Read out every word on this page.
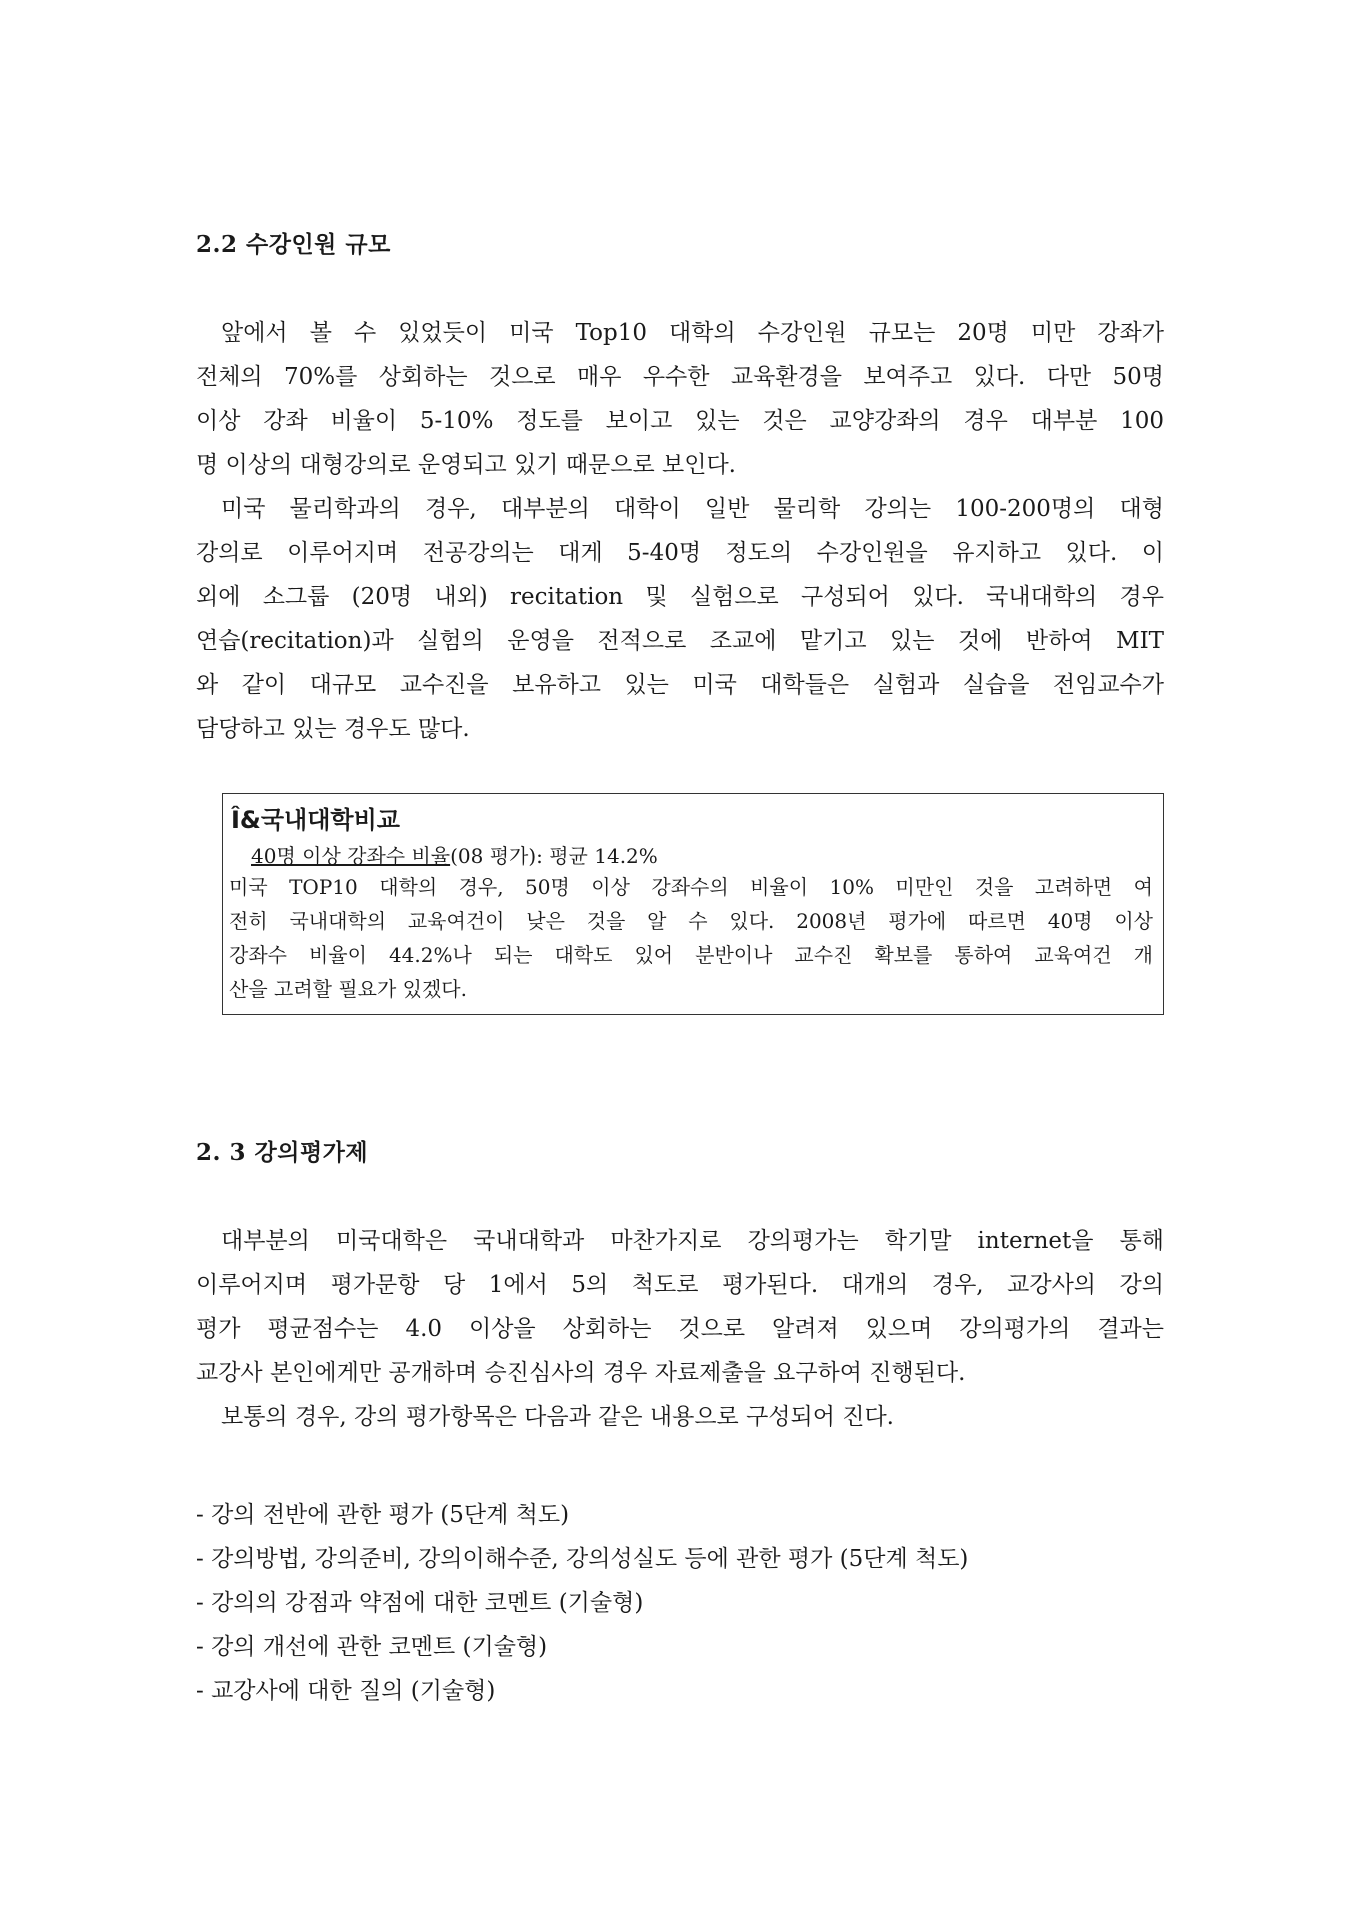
2.2 수강인원 규모
앞에서 볼 수 있었듯이 미국 Top10 대학의 수강인원 규모는 20명 미만 강좌가
전체의 70%를 상회하는 것으로 매우 우수한 교육환경을 보여주고 있다. 다만 50명
이상 강좌 비율이 5-10% 정도를 보이고 있는 것은 교양강좌의 경우 대부분 100
명 이상의 대형강의로 운영되고 있기 때문으로 보인다.
미국 물리학과의 경우, 대부분의 대학이 일반 물리학 강의는 100-200명의 대형
강의로 이루어지며 전공강의는 대게 5-40명 정도의 수강인원을 유지하고 있다. 이
외에 소그룹 (20명 내외) recitation 및 실험으로 구성되어 있다. 국내대학의 경우
연습(recitation)과 실험의 운영을 전적으로 조교에 맡기고 있는 것에 반하여 MIT
와 같이 대규모 교수진을 보유하고 있는 미국 대학들은 실험과 실습을 전임교수가
담당하고 있는 경우도 많다.
Î&국내대학비교
40명 이상 강좌수 비율(08 평가): 평균 14.2%
미국 TOP10 대학의 경우, 50명 이상 강좌수의 비율이 10% 미만인 것을 고려하면 여
전히 국내대학의 교육여건이 낮은 것을 알 수 있다. 2008년 평가에 따르면 40명 이상
강좌수 비율이 44.2%나 되는 대학도 있어 분반이나 교수진 확보를 통하여 교육여건 개
산을 고려할 필요가 있겠다.
2. 3 강의평가제
대부분의 미국대학은 국내대학과 마찬가지로 강의평가는 학기말 internet을 통해
이루어지며 평가문항 당 1에서 5의 척도로 평가된다. 대개의 경우, 교강사의 강의
평가 평균점수는 4.0 이상을 상회하는 것으로 알려져 있으며 강의평가의 결과는
교강사 본인에게만 공개하며 승진심사의 경우 자료제출을 요구하여 진행된다.
보통의 경우, 강의 평가항목은 다음과 같은 내용으로 구성되어 진다.
- 강의 전반에 관한 평가 (5단계 척도)
- 강의방법, 강의준비, 강의이해수준, 강의성실도 등에 관한 평가 (5단계 척도)
- 강의의 강점과 약점에 대한 코멘트 (기술형)
- 강의 개선에 관한 코멘트 (기술형)
- 교강사에 대한 질의 (기술형)
